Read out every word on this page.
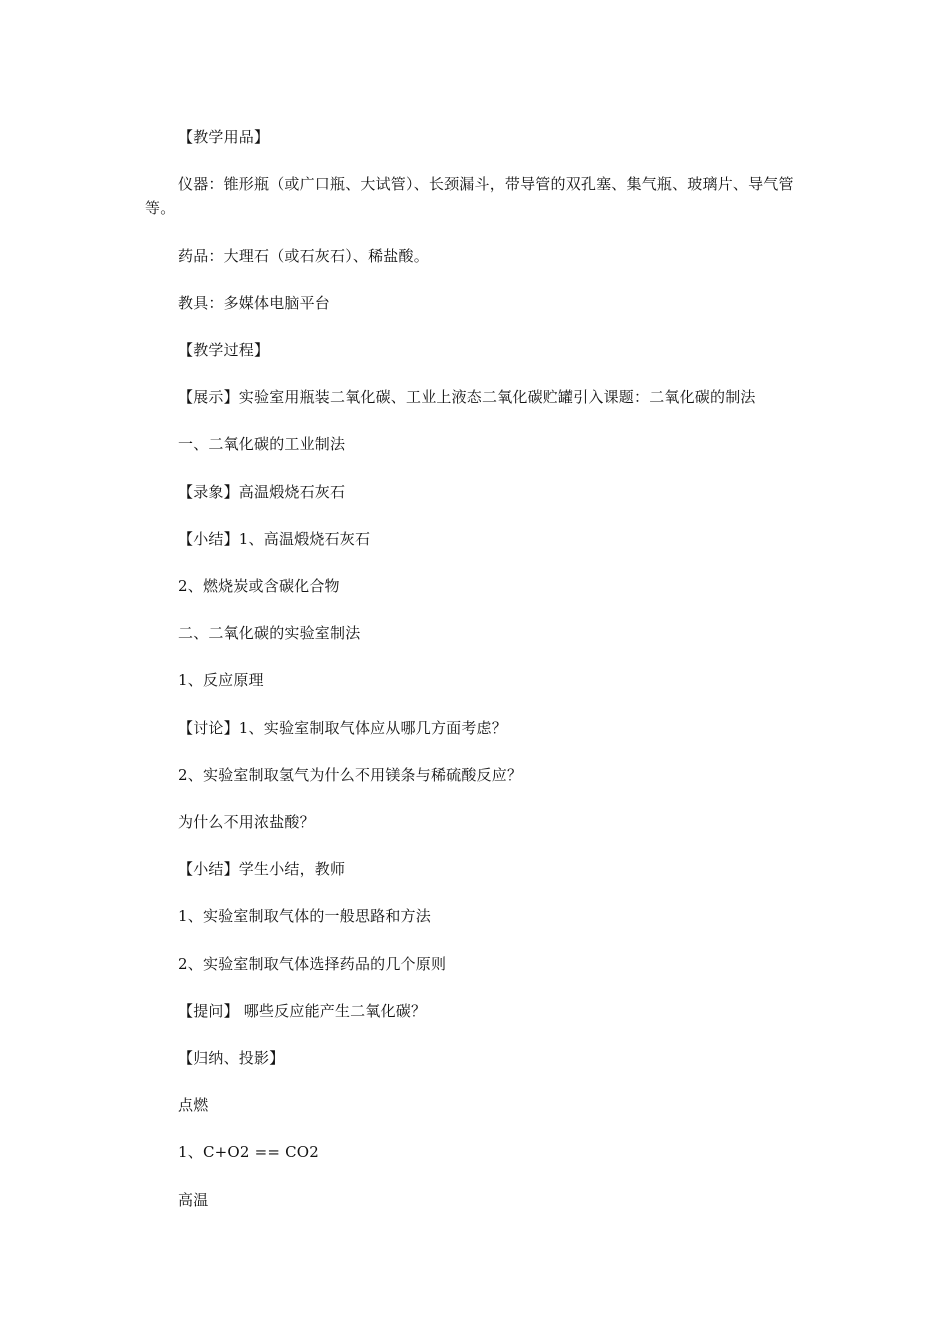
【教学用品】

仪器：锥形瓶（或广口瓶、大试管）、长颈漏斗，带导管的双孔塞、集气瓶、玻璃片、导气管等。

药品：大理石（或石灰石）、稀盐酸。

教具：多媒体电脑平台

【教学过程】

【展示】实验室用瓶装二氧化碳、工业上液态二氧化碳贮罐引入课题：二氧化碳的制法

一、二氧化碳的工业制法

【录象】高温煅烧石灰石

【小结】1、高温煅烧石灰石

2、燃烧炭或含碳化合物

二、二氧化碳的实验室制法

1、反应原理

【讨论】1、实验室制取气体应从哪几方面考虑？

2、实验室制取氢气为什么不用镁条与稀硫酸反应？

为什么不用浓盐酸？

【小结】学生小结，教师

1、实验室制取气体的一般思路和方法

2、实验室制取气体选择药品的几个原则

【提问】 哪些反应能产生二氧化碳？

【归纳、投影】

点燃

1、C+O2 == CO2

高温
